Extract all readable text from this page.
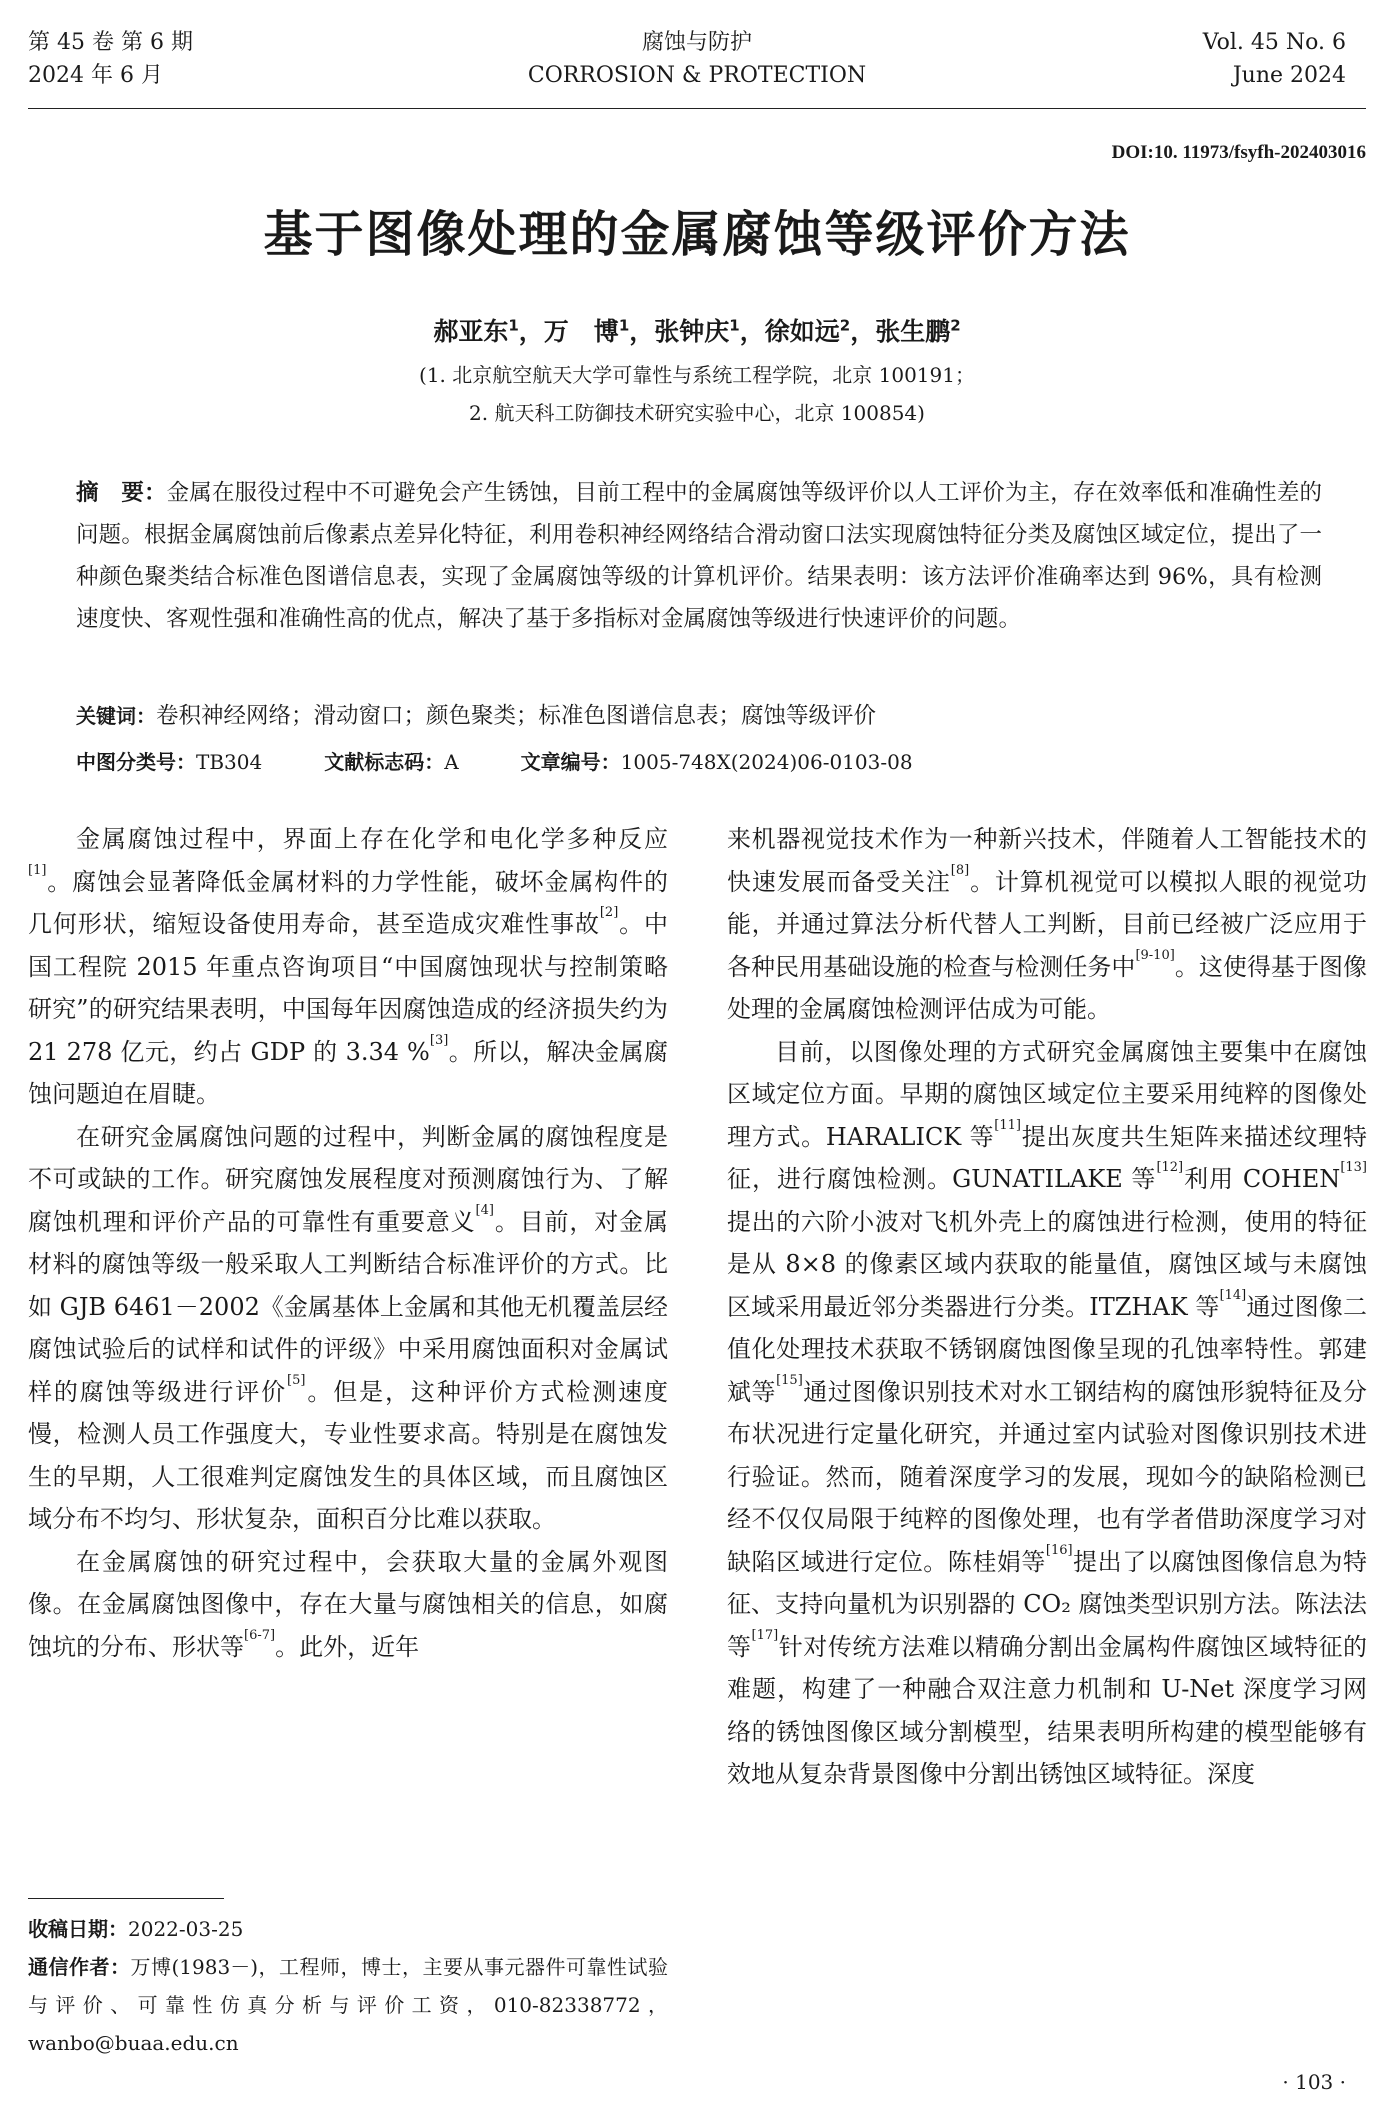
第 45 卷 第 6 期
2024 年 6 月
腐蚀与防护
CORROSION & PROTECTION
Vol. 45 No. 6
June 2024
DOI:10. 11973/fsyfh-202403016
基于图像处理的金属腐蚀等级评价方法
郝亚东$^1$，万　博$^1$，张钟庆$^1$，徐如远$^2$，张生鹏$^2$
(1. 北京航空航天大学可靠性与系统工程学院，北京 100191；
2. 航天科工防御技术研究实验中心，北京 100854)
摘　要：金属在服役过程中不可避免会产生锈蚀，目前工程中的金属腐蚀等级评价以人工评价为主，存在效率低和准确性差的问题。根据金属腐蚀前后像素点差异化特征，利用卷积神经网络结合滑动窗口法实现腐蚀特征分类及腐蚀区域定位，提出了一种颜色聚类结合标准色图谱信息表，实现了金属腐蚀等级的计算机评价。结果表明：该方法评价准确率达到 96%，具有检测速度快、客观性强和准确性高的优点，解决了基于多指标对金属腐蚀等级进行快速评价的问题。
关键词：卷积神经网络；滑动窗口；颜色聚类；标准色图谱信息表；腐蚀等级评价
中图分类号：TB304	文献标志码：A	文章编号：1005-748X(2024)06-0103-08

金属腐蚀过程中，界面上存在化学和电化学多种反应[1]。腐蚀会显著降低金属材料的力学性能，破坏金属构件的几何形状，缩短设备使用寿命，甚至造成灾难性事故[2]。中国工程院 2015 年重点咨询项目“中国腐蚀现状与控制策略研究”的研究结果表明，中国每年因腐蚀造成的经济损失约为 21 278 亿元，约占 GDP 的 3.34 %[3]。所以，解决金属腐蚀问题迫在眉睫。

在研究金属腐蚀问题的过程中，判断金属的腐蚀程度是不可或缺的工作。研究腐蚀发展程度对预测腐蚀行为、了解腐蚀机理和评价产品的可靠性有重要意义[4]。目前，对金属材料的腐蚀等级一般采取人工判断结合标准评价的方式。比如 GJB 6461－2002《金属基体上金属和其他无机覆盖层经腐蚀试验后的试样和试件的评级》中采用腐蚀面积对金属试样的腐蚀等级进行评价[5]。但是，这种评价方式检测速度慢，检测人员工作强度大，专业性要求高。特别是在腐蚀发生的早期，人工很难判定腐蚀发生的具体区域，而且腐蚀区域分布不均匀、形状复杂，面积百分比难以获取。

在金属腐蚀的研究过程中，会获取大量的金属外观图像。在金属腐蚀图像中，存在大量与腐蚀相关的信息，如腐蚀坑的分布、形状等[6-7]。此外，近年

来机器视觉技术作为一种新兴技术，伴随着人工智能技术的快速发展而备受关注[8]。计算机视觉可以模拟人眼的视觉功能，并通过算法分析代替人工判断，目前已经被广泛应用于各种民用基础设施的检查与检测任务中[9-10]。这使得基于图像处理的金属腐蚀检测评估成为可能。

目前，以图像处理的方式研究金属腐蚀主要集中在腐蚀区域定位方面。早期的腐蚀区域定位主要采用纯粹的图像处理方式。HARALICK 等[11]提出灰度共生矩阵来描述纹理特征，进行腐蚀检测。GUNATILAKE 等[12]利用 COHEN[13]提出的六阶小波对飞机外壳上的腐蚀进行检测，使用的特征是从 8×8 的像素区域内获取的能量值，腐蚀区域与未腐蚀区域采用最近邻分类器进行分类。ITZHAK 等[14]通过图像二值化处理技术获取不锈钢腐蚀图像呈现的孔蚀率特性。郭建斌等[15]通过图像识别技术对水工钢结构的腐蚀形貌特征及分布状况进行定量化研究，并通过室内试验对图像识别技术进行验证。然而，随着深度学习的发展，现如今的缺陷检测已经不仅仅局限于纯粹的图像处理，也有学者借助深度学习对缺陷区域进行定位。陈桂娟等[16]提出了以腐蚀图像信息为特征、支持向量机为识别器的 CO₂ 腐蚀类型识别方法。陈法法等[17]针对传统方法难以精确分割出金属构件腐蚀区域特征的难题，构建了一种融合双注意力机制和 U-Net 深度学习网络的锈蚀图像区域分割模型，结果表明所构建的模型能够有效地从复杂背景图像中分割出锈蚀区域特征。深度

收稿日期：2022-03-25

通信作者：万博(1983－)，工程师，博士，主要从事元器件可靠性试验与评价、可靠性仿真分析与评价工资，010-82338772，wanbo@buaa.edu.cn

· 103 ·
